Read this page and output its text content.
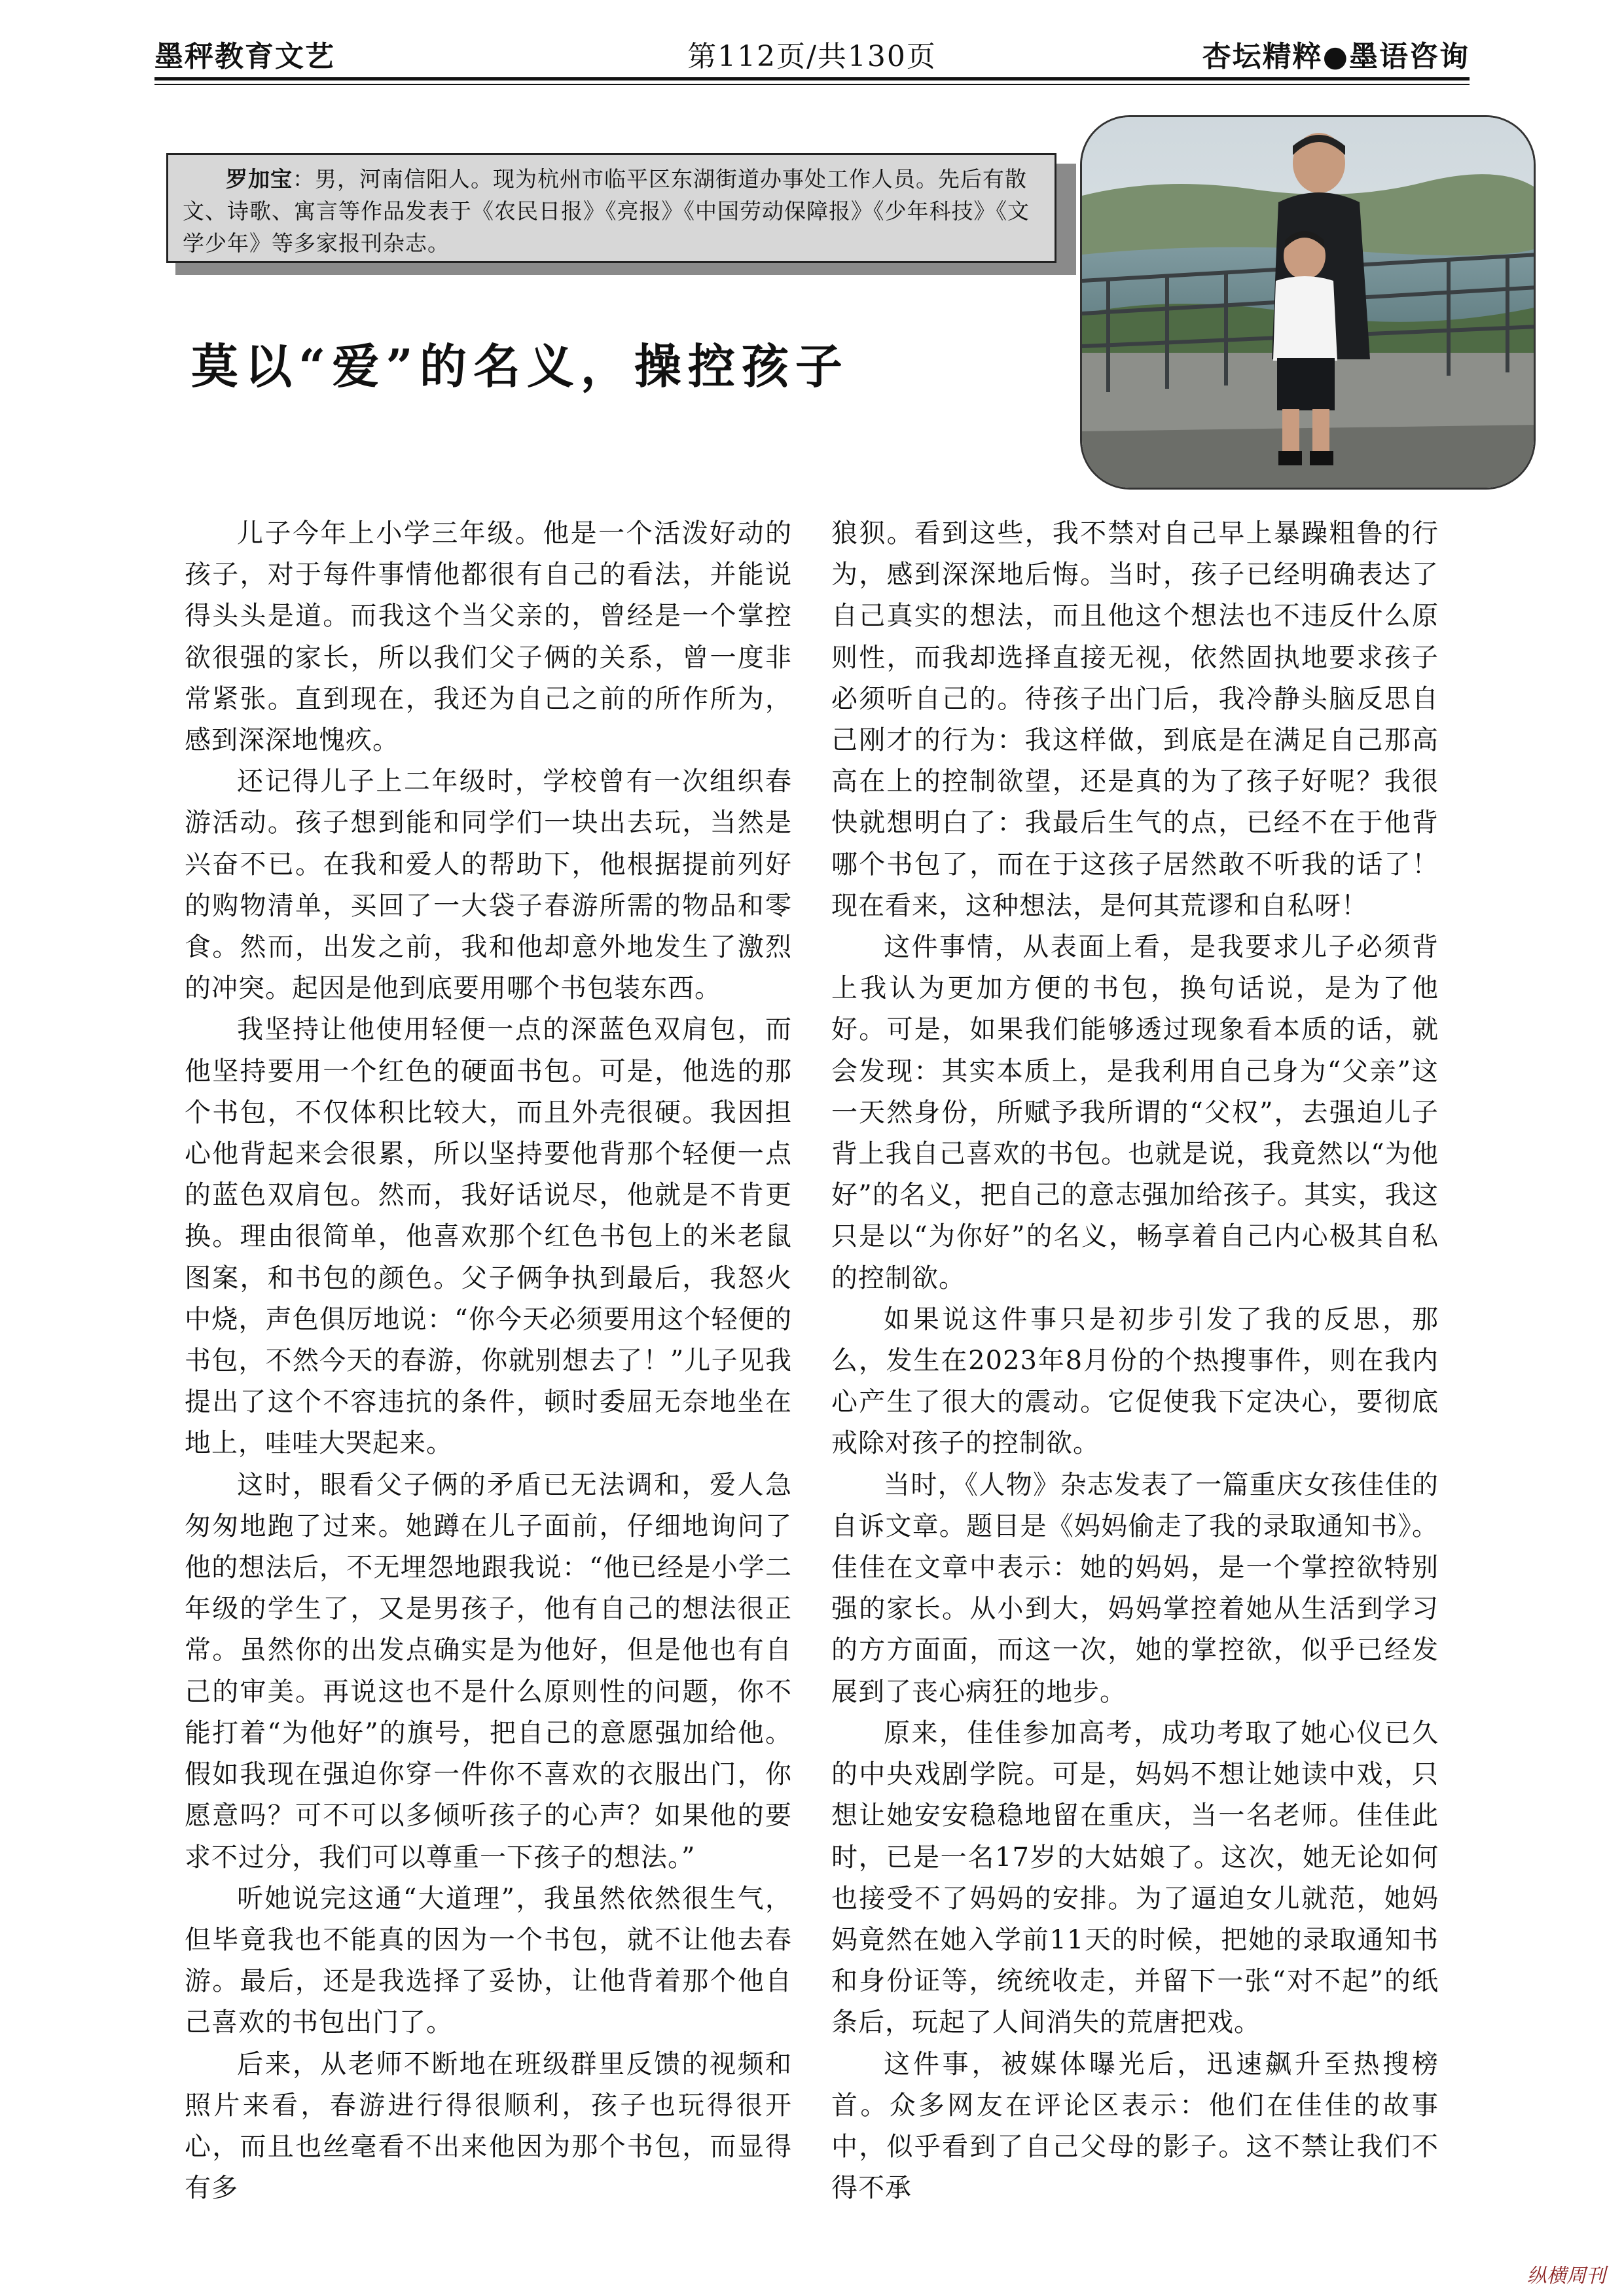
墨秤教育文艺	第112页/共130页	杏坛精粹●墨语咨询
罗加宝：男，河南信阳人。现为杭州市临平区东湖街道办事处工作人员。先后有散文、诗歌、寓言等作品发表于《农民日报》《亮报》《中国劳动保障报》《少年科技》《文学少年》等多家报刊杂志。
莫以“爱”的名义，操控孩子

儿子今年上小学三年级。他是一个活泼好动的孩子，对于每件事情他都很有自己的看法，并能说得头头是道。而我这个当父亲的，曾经是一个掌控欲很强的家长，所以我们父子俩的关系，曾一度非常紧张。直到现在，我还为自己之前的所作所为，感到深深地愧疚。

还记得儿子上二年级时，学校曾有一次组织春游活动。孩子想到能和同学们一块出去玩，当然是兴奋不已。在我和爱人的帮助下，他根据提前列好的购物清单，买回了一大袋子春游所需的物品和零食。然而，出发之前，我和他却意外地发生了激烈的冲突。起因是他到底要用哪个书包装东西。

我坚持让他使用轻便一点的深蓝色双肩包，而他坚持要用一个红色的硬面书包。可是，他选的那个书包，不仅体积比较大，而且外壳很硬。我因担心他背起来会很累，所以坚持要他背那个轻便一点的蓝色双肩包。然而，我好话说尽，他就是不肯更换。理由很简单，他喜欢那个红色书包上的米老鼠图案，和书包的颜色。父子俩争执到最后，我怒火中烧，声色俱厉地说：“你今天必须要用这个轻便的书包，不然今天的春游，你就别想去了！”儿子见我提出了这个不容违抗的条件，顿时委屈无奈地坐在地上，哇哇大哭起来。

这时，眼看父子俩的矛盾已无法调和，爱人急匆匆地跑了过来。她蹲在儿子面前，仔细地询问了他的想法后，不无埋怨地跟我说：“他已经是小学二年级的学生了，又是男孩子，他有自己的想法很正常。虽然你的出发点确实是为他好，但是他也有自己的审美。再说这也不是什么原则性的问题，你不能打着“为他好”的旗号，把自己的意愿强加给他。假如我现在强迫你穿一件你不喜欢的衣服出门，你愿意吗？可不可以多倾听孩子的心声？如果他的要求不过分，我们可以尊重一下孩子的想法。”

听她说完这通“大道理”，我虽然依然很生气，但毕竟我也不能真的因为一个书包，就不让他去春游。最后，还是我选择了妥协，让他背着那个他自己喜欢的书包出门了。

后来，从老师不断地在班级群里反馈的视频和照片来看，春游进行得很顺利，孩子也玩得很开心，而且也丝毫看不出来他因为那个书包，而显得有多

狼狈。看到这些，我不禁对自己早上暴躁粗鲁的行为，感到深深地后悔。当时，孩子已经明确表达了自己真实的想法，而且他这个想法也不违反什么原则性，而我却选择直接无视，依然固执地要求孩子必须听自己的。待孩子出门后，我冷静头脑反思自己刚才的行为：我这样做，到底是在满足自己那高高在上的控制欲望，还是真的为了孩子好呢？我很快就想明白了：我最后生气的点，已经不在于他背哪个书包了，而在于这孩子居然敢不听我的话了！现在看来，这种想法，是何其荒谬和自私呀！

这件事情，从表面上看，是我要求儿子必须背上我认为更加方便的书包，换句话说，是为了他好。可是，如果我们能够透过现象看本质的话，就会发现：其实本质上，是我利用自己身为“父亲”这一天然身份，所赋予我所谓的“父权”，去强迫儿子背上我自己喜欢的书包。也就是说，我竟然以“为他好”的名义，把自己的意志强加给孩子。其实，我这只是以“为你好”的名义，畅享着自己内心极其自私的控制欲。

如果说这件事只是初步引发了我的反思，那么，发生在2023年8月份的个热搜事件，则在我内心产生了很大的震动。它促使我下定决心，要彻底戒除对孩子的控制欲。

当时，《人物》杂志发表了一篇重庆女孩佳佳的自诉文章。题目是《妈妈偷走了我的录取通知书》。佳佳在文章中表示：她的妈妈，是一个掌控欲特别强的家长。从小到大，妈妈掌控着她从生活到学习的方方面面，而这一次，她的掌控欲，似乎已经发展到了丧心病狂的地步。

原来，佳佳参加高考，成功考取了她心仪已久的中央戏剧学院。可是，妈妈不想让她读中戏，只想让她安安稳稳地留在重庆，当一名老师。佳佳此时，已是一名17岁的大姑娘了。这次，她无论如何也接受不了妈妈的安排。为了逼迫女儿就范，她妈妈竟然在她入学前11天的时候，把她的录取通知书和身份证等，统统收走，并留下一张“对不起”的纸条后，玩起了人间消失的荒唐把戏。

这件事，被媒体曝光后，迅速飙升至热搜榜首。众多网友在评论区表示：他们在佳佳的故事中，似乎看到了自己父母的影子。这不禁让我们不得不承

纵横周刊
